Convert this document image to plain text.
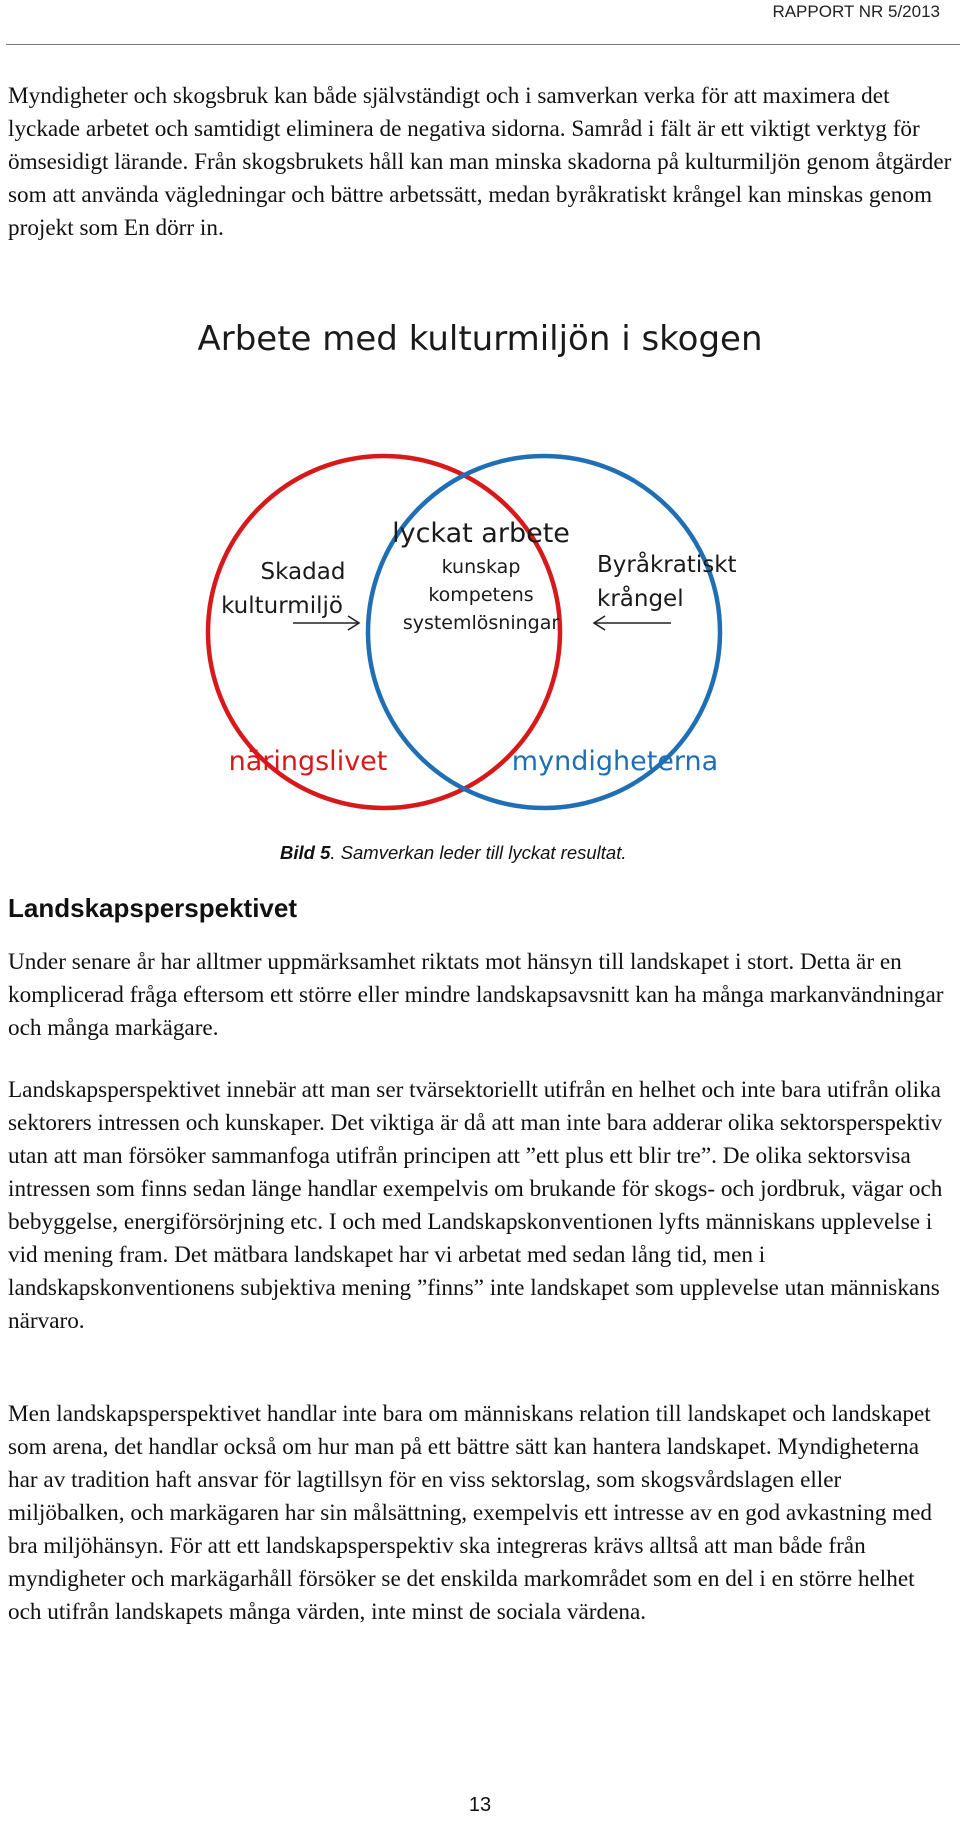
RAPPORT NR 5/2013

Myndigheter och skogsbruk kan både självständigt och i samverkan verka för att maximera det lyckade arbetet och samtidigt eliminera de negativa sidorna. Samråd i fält är ett viktigt verktyg för ömsesidigt lärande. Från skogsbrukets håll kan man minska skadorna på kulturmiljön genom åtgärder som att använda vägledningar och bättre arbetssätt, medan byråkratiskt krångel kan minskas genom projekt som En dörr in.

Arbete med kulturmiljön i skogen
lyckat arbete
kunskap
kompetens
systemlösningar
Skadad
kulturmiljö
Byråkratiskt
krångel
näringslivet	myndigheterna
Bild 5. Samverkan leder till lyckat resultat.
Landskapsperspektivet

Under senare år har alltmer uppmärksamhet riktats mot hänsyn till landskapet i stort. Detta är en komplicerad fråga eftersom ett större eller mindre landskapsavsnitt kan ha många markanvändningar och många markägare.

Landskapsperspektivet innebär att man ser tvärsektoriellt utifrån en helhet och inte bara utifrån olika sektorers intressen och kunskaper. Det viktiga är då att man inte bara adderar olika sektorsperspektiv utan att man försöker sammanfoga utifrån principen att ”ett plus ett blir tre”. De olika sektorsvisa intressen som finns sedan länge handlar exempelvis om brukande för skogs- och jordbruk, vägar och bebyggelse, energiförsörjning etc. I och med Landskapskonventionen lyfts människans upplevelse i vid mening fram. Det mätbara landskapet har vi arbetat med sedan lång tid, men i landskapskonventionens subjektiva mening ”finns” inte landskapet som upplevelse utan människans närvaro.

Men landskapsperspektivet handlar inte bara om människans relation till landskapet och landskapet som arena, det handlar också om hur man på ett bättre sätt kan hantera landskapet. Myndigheterna har av tradition haft ansvar för lagtillsyn för en viss sektorslag, som skogsvårdslagen eller miljöbalken, och markägaren har sin målsättning, exempelvis ett intresse av en god avkastning med bra miljöhänsyn. För att ett landskapsperspektiv ska integreras krävs alltså att man både från myndigheter och markägarhåll försöker se det enskilda markområdet som en del i en större helhet och utifrån landskapets många värden, inte minst de sociala värdena.

13
